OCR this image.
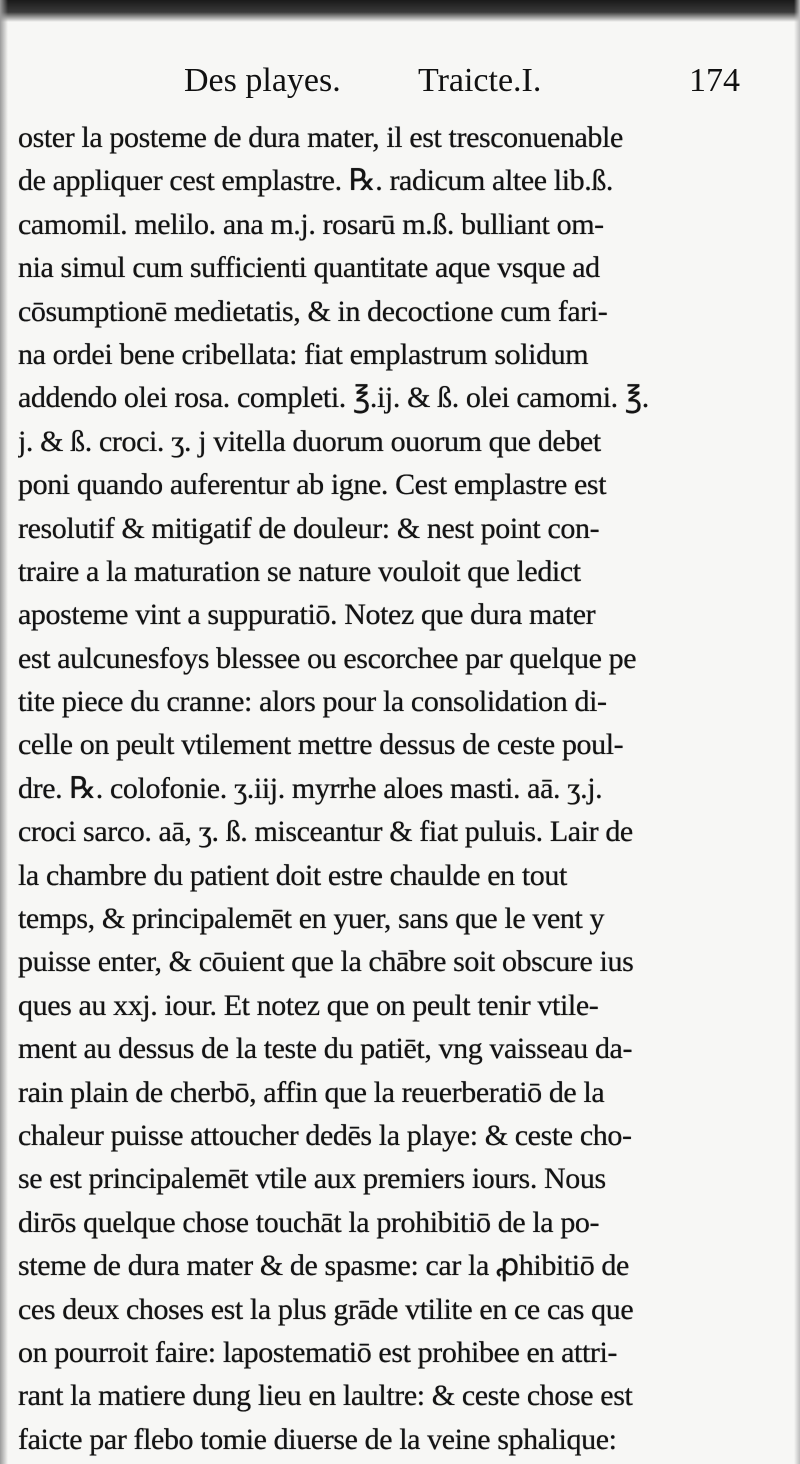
Des playes. Traicte.I.	174
oster la posteme de dura mater, il est tresconuenable
de appliquer cest emplastre. ℞. radicum altee lib.ß.
camomil. melilo. ana m.j. rosarū m.ß. bulliant om-
nia simul cum sufficienti quantitate aque vsque ad
cōsumptionē medietatis, & in decoctione cum fari-
na ordei bene cribellata: fiat emplastrum solidum
addendo olei rosa. completi. ℥.ij. & ß. olei camomi. ℥.
j. & ß. croci. ʒ. j vitella duorum ouorum que debet
poni quando auferentur ab igne. Cest emplastre est
resolutif & mitigatif de douleur: & nest point con-
traire a la maturation se nature vouloit que ledict
aposteme vint a suppuratiō. Notez que dura mater
est aulcunesfoys blessee ou escorchee par quelque pe
tite piece du cranne: alors pour la consolidation di-
celle on peult vtilement mettre dessus de ceste poul-
dre. ℞. colofonie. ʒ.iij. myrrhe aloes masti. aā. ʒ.j.
croci sarco. aā, ʒ. ß. misceantur & fiat puluis. Lair de
la chambre du patient doit estre chaulde en tout
temps, & principalemēt en yuer, sans que le vent y
puisse enter, & cōuient que la chābre soit obscure ius
ques au xxj. iour. Et notez que on peult tenir vtile-
ment au dessus de la teste du patiēt, vng vaisseau da-
rain plain de cherbō, affin que la reuerberatiō de la
chaleur puisse attoucher dedēs la playe: & ceste cho-
se est principalemēt vtile aux premiers iours. Nous
dirōs quelque chose touchāt la prohibitiō de la po-
steme de dura mater & de spasme: car la ꝓhibitiō de
ces deux choses est la plus grāde vtilite en ce cas que
on pourroit faire: lapostematiō est prohibee en attri-
rant la matiere dung lieu en laultre: & ceste chose est
faicte par flebo tomie diuerse de la veine sphalique:
